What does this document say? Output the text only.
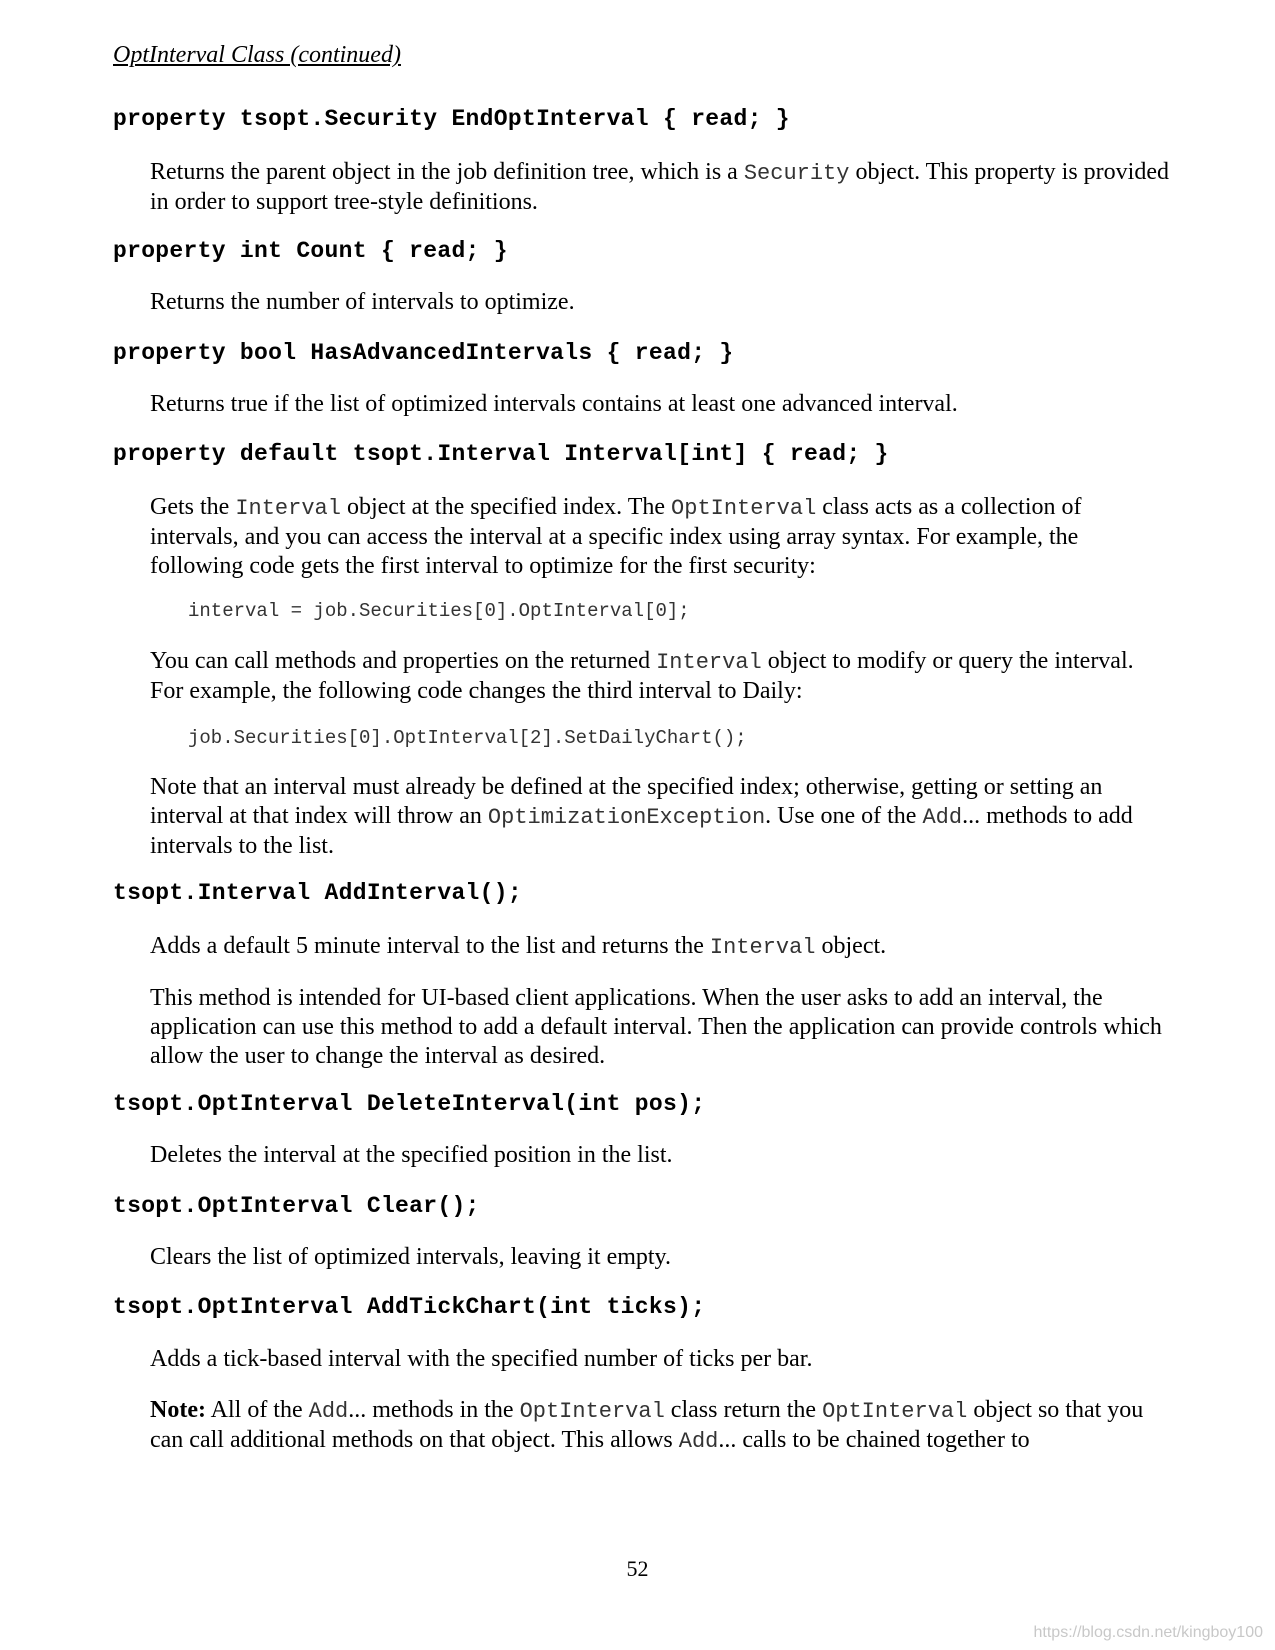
OptInterval Class (continued)
property tsopt.Security EndOptInterval { read; }
Returns the parent object in the job definition tree, which is a Security object. This property is provided in order to support tree-style definitions.
property int Count { read; }
Returns the number of intervals to optimize.
property bool HasAdvancedIntervals { read; }
Returns true if the list of optimized intervals contains at least one advanced interval.
property default tsopt.Interval Interval[int] { read; }
Gets the Interval object at the specified index. The OptInterval class acts as a collection of intervals, and you can access the interval at a specific index using array syntax. For example, the following code gets the first interval to optimize for the first security:
interval = job.Securities[0].OptInterval[0];
You can call methods and properties on the returned Interval object to modify or query the interval. For example, the following code changes the third interval to Daily:
job.Securities[0].OptInterval[2].SetDailyChart();
Note that an interval must already be defined at the specified index; otherwise, getting or setting an interval at that index will throw an OptimizationException. Use one of the Add... methods to add intervals to the list.
tsopt.Interval AddInterval();
Adds a default 5 minute interval to the list and returns the Interval object.
This method is intended for UI-based client applications. When the user asks to add an interval, the application can use this method to add a default interval. Then the application can provide controls which allow the user to change the interval as desired.
tsopt.OptInterval DeleteInterval(int pos);
Deletes the interval at the specified position in the list.
tsopt.OptInterval Clear();
Clears the list of optimized intervals, leaving it empty.
tsopt.OptInterval AddTickChart(int ticks);
Adds a tick-based interval with the specified number of ticks per bar.
Note: All of the Add... methods in the OptInterval class return the OptInterval object so that you can call additional methods on that object. This allows Add... calls to be chained together to
52
https://blog.csdn.net/kingboy100
